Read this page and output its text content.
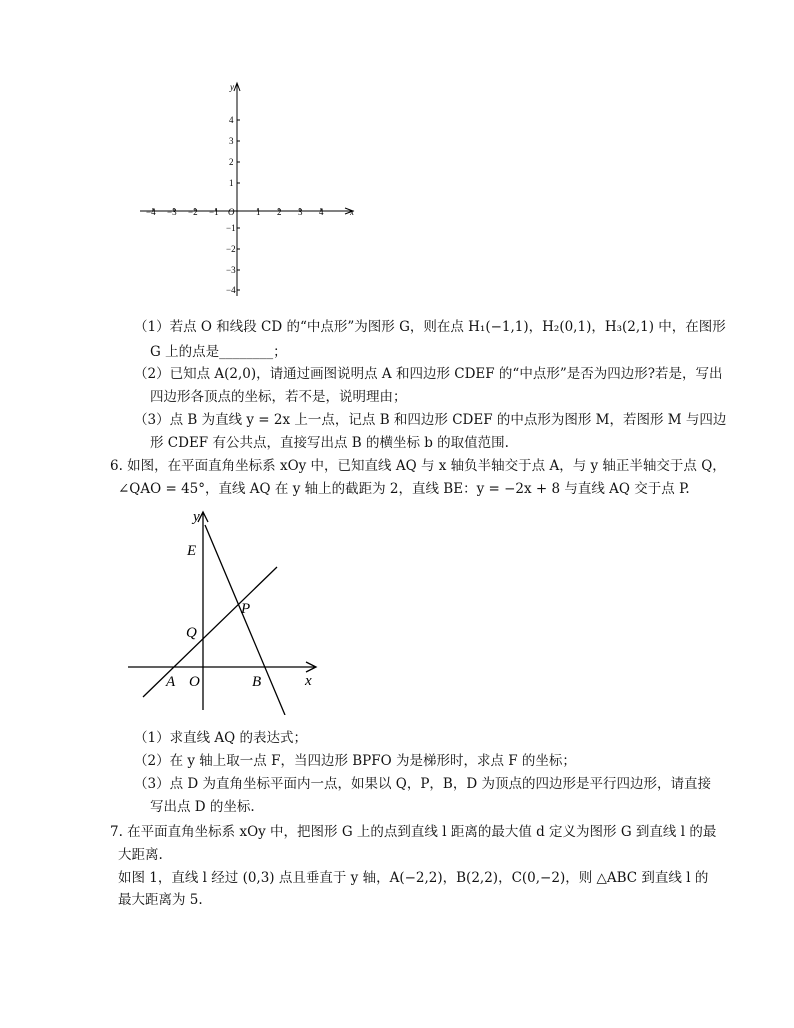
y
x
O
−4 −3 −2 −1	1 2 3 4
4
3
2
1
−1
−2
−3
−4
（1）若点 O 和线段 CD 的“中点形”为图形 G，则在点 H₁(−1,1)，H₂(0,1)，H₃(2,1) 中，在图形
G 上的点是________；
（2）已知点 A(2,0)，请通过画图说明点 A 和四边形 CDEF 的“中点形”是否为四边形?若是，写出
四边形各顶点的坐标，若不是，说明理由；
（3）点 B 为直线 y = 2x 上一点，记点 B 和四边形 CDEF 的中点形为图形 M，若图形 M 与四边
形 CDEF 有公共点，直接写出点 B 的横坐标 b 的取值范围.
6. 如图，在平面直角坐标系 xOy 中，已知直线 AQ 与 x 轴负半轴交于点 A，与 y 轴正半轴交于点 Q，
∠QAO = 45°，直线 AQ 在 y 轴上的截距为 2，直线 BE：y = −2x + 8 与直线 AQ 交于点 P.
y
x
E
P
Q
A O	B
（1）求直线 AQ 的表达式；
（2）在 y 轴上取一点 F，当四边形 BPFO 为是梯形时，求点 F 的坐标；
（3）点 D 为直角坐标平面内一点，如果以 Q，P，B，D 为顶点的四边形是平行四边形，请直接
写出点 D 的坐标.
7. 在平面直角坐标系 xOy 中，把图形 G 上的点到直线 l 距离的最大值 d 定义为图形 G 到直线 l 的最
大距离.
如图 1，直线 l 经过 (0,3) 点且垂直于 y 轴，A(−2,2)，B(2,2)，C(0,−2)，则 △ABC 到直线 l 的
最大距离为 5.
